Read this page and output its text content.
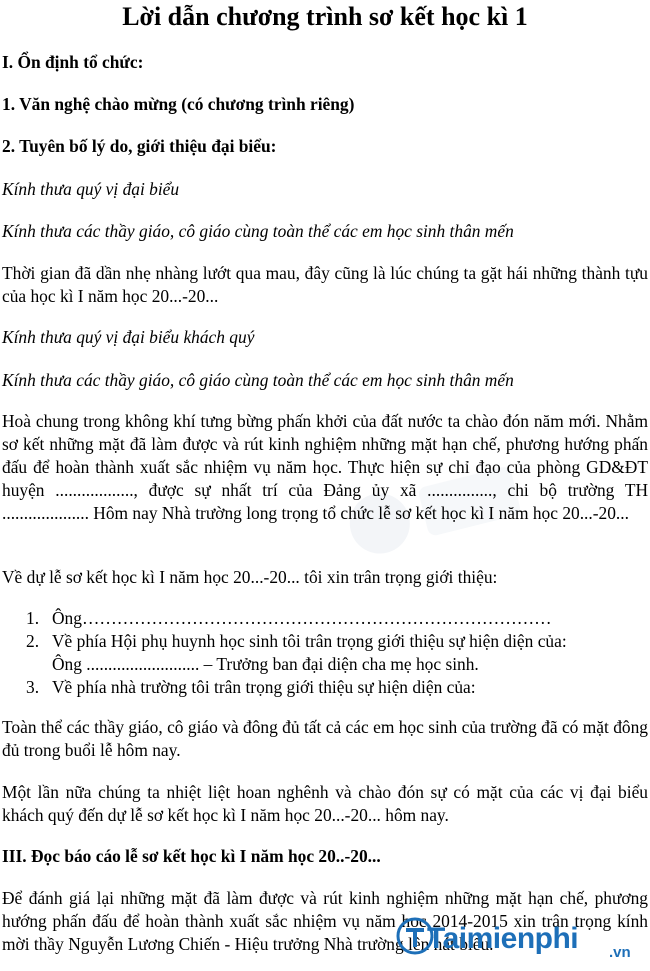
Lời dẫn chương trình sơ kết học kì 1
I. Ổn định tổ chức:
1. Văn nghệ chào mừng (có chương trình riêng)
2. Tuyên bố lý do, giới thiệu đại biểu:
Kính thưa quý vị đại biểu
Kính thưa các thầy giáo, cô giáo cùng toàn thể các em học sinh thân mến
Thời gian đã dần nhẹ nhàng lướt qua mau, đây cũng là lúc chúng ta gặt hái những thành tựu của học kì I năm học 20...-20...
Kính thưa quý vị đại biểu khách quý
Kính thưa các thầy giáo, cô giáo cùng toàn thể các em học sinh thân mến
Hoà chung trong không khí tưng bừng phấn khởi của đất nước ta chào đón năm mới. Nhằm sơ kết những mặt đã làm được và rút kinh nghiệm những mặt hạn chế, phương hướng phấn đấu để hoàn thành xuất sắc nhiệm vụ năm học. Thực hiện sự chỉ đạo của phòng GD&ĐT huyện .................., được sự nhất trí của Đảng ủy xã ..............., chi bộ trường TH .................... Hôm nay Nhà trường long trọng tổ chức lễ sơ kết học kì I năm học 20...-20...
Về dự lễ sơ kết học kì I năm học 20...-20... tôi xin trân trọng giới thiệu:
1. Ông………………………………………………………………………
2. Về phía Hội phụ huynh học sinh tôi trân trọng giới thiệu sự hiện diện của:
Ông .......................... – Trưởng ban đại diện cha mẹ học sinh.
3. Về phía nhà trường tôi trân trọng giới thiệu sự hiện diện của:
Toàn thể các thầy giáo, cô giáo và đông đủ tất cả các em học sinh của trường đã có mặt đông đủ trong buổi lễ hôm nay.
Một lần nữa chúng ta nhiệt liệt hoan nghênh và chào đón sự có mặt của các vị đại biểu khách quý đến dự lễ sơ kết học kì I năm học 20...-20... hôm nay.
III. Đọc báo cáo lễ sơ kết học kì I năm học 20..-20...
Để đánh giá lại những mặt đã làm được và rút kinh nghiệm những mặt hạn chế, phương hướng phấn đấu để hoàn thành xuất sắc nhiệm vụ năm học 2014-2015 xin trân trọng kính mời thầy Nguyễn Lương Chiến - Hiệu trưởng Nhà trường lên hát biểu.
Taimienphi .vn
